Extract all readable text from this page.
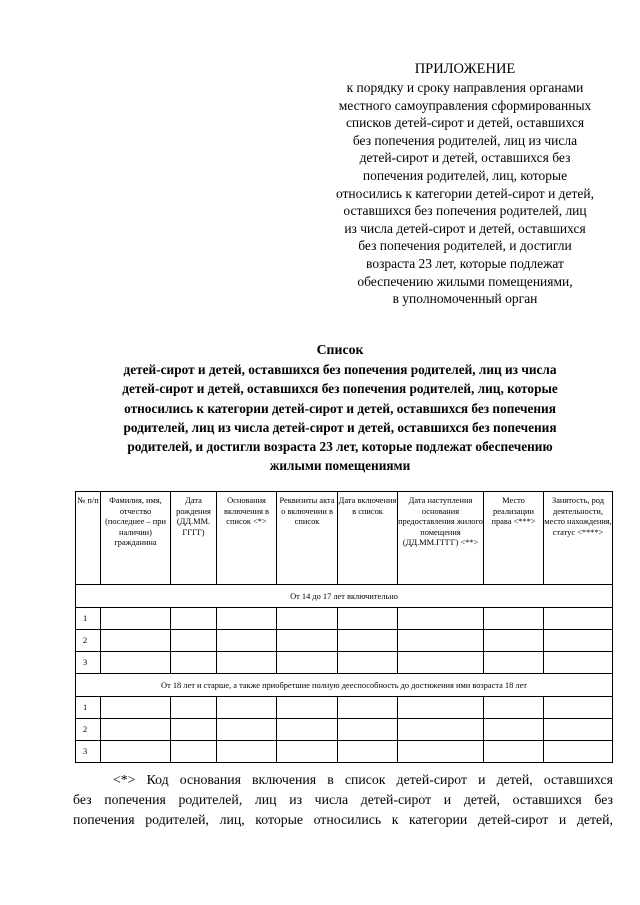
ПРИЛОЖЕНИЕ
к порядку и сроку направления органами
местного самоуправления сформированных
списков детей-сирот и детей, оставшихся
без попечения родителей, лиц из числа
детей-сирот и детей, оставшихся без
попечения родителей, лиц, которые
относились к категории детей-сирот и детей,
оставшихся без попечения родителей, лиц
из числа детей-сирот и детей, оставшихся
без попечения родителей, и достигли
возраста 23 лет, которые подлежат
обеспечению жилыми помещениями,
в уполномоченный орган
Список
детей-сирот и детей, оставшихся без попечения родителей, лиц из числа
детей-сирот и детей, оставшихся без попечения родителей, лиц, которые
относились к категории детей-сирот и детей, оставшихся без попечения
родителей, лиц из числа детей-сирот и детей, оставшихся без попечения
родителей, и достигли возраста 23 лет, которые подлежат обеспечению
жилыми помещениями
№ п/п	Фамилия, имя, отчество (последнее – при наличии) гражданина	Дата рождения (ДД.ММ. ГГГГ)	Основания включения в список <*>	Реквизиты акта о включении в список	Дата включения в список	Дата наступления основания предоставления жилого помещения (ДД.ММ.ГГГГ) <**>	Место реализации права <***>	Занятость, род деятельности, место нахождения, статус <****>
От 14 до 17 лет включительно								
1								
2								
3								
От 18 лет и старше, а также приобретшие полную дееспособность до достижения ими возраста 18 лет								
1								
2								
3								
<*> Код основания включения в список детей-сирот и детей, оставшихся
без попечения родителей, лиц из числа детей-сирот и детей, оставшихся без
попечения родителей, лиц, которые относились к категории детей-сирот и детей,
